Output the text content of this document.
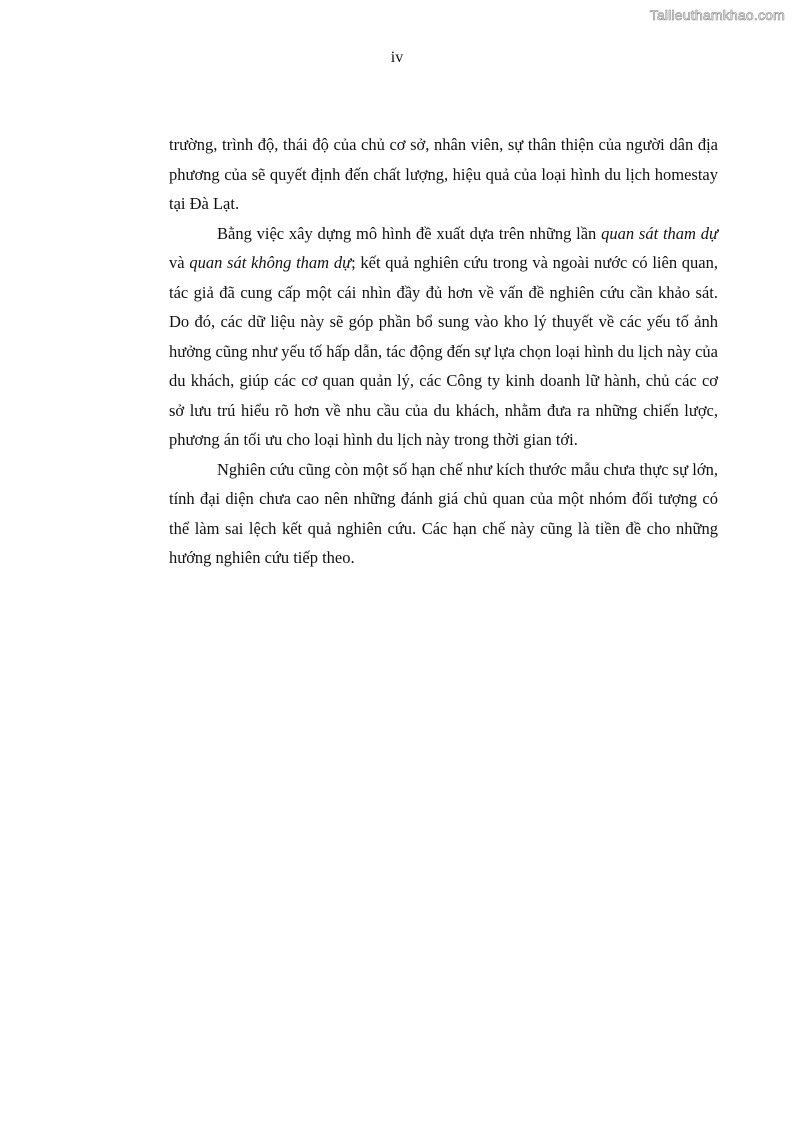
Tailieuthamkhao.com
iv

trường, trình độ, thái độ của chủ cơ sở, nhân viên, sự thân thiện của người dân địa phương của sẽ quyết định đến chất lượng, hiệu quả của loại hình du lịch homestay tại Đà Lạt.

Bằng việc xây dựng mô hình đề xuất dựa trên những lần quan sát tham dự và quan sát không tham dự; kết quả nghiên cứu trong và ngoài nước có liên quan, tác giả đã cung cấp một cái nhìn đầy đủ hơn về vấn đề nghiên cứu cần khảo sát. Do đó, các dữ liệu này sẽ góp phần bổ sung vào kho lý thuyết về các yếu tố ảnh hưởng cũng như yếu tố hấp dẫn, tác động đến sự lựa chọn loại hình du lịch này của du khách, giúp các cơ quan quản lý, các Công ty kinh doanh lữ hành, chủ các cơ sở lưu trú hiểu rõ hơn về nhu cầu của du khách, nhằm đưa ra những chiến lược, phương án tối ưu cho loại hình du lịch này trong thời gian tới.

Nghiên cứu cũng còn một số hạn chế như kích thước mẫu chưa thực sự lớn, tính đại diện chưa cao nên những đánh giá chủ quan của một nhóm đối tượng có thể làm sai lệch kết quả nghiên cứu. Các hạn chế này cũng là tiền đề cho những hướng nghiên cứu tiếp theo.
